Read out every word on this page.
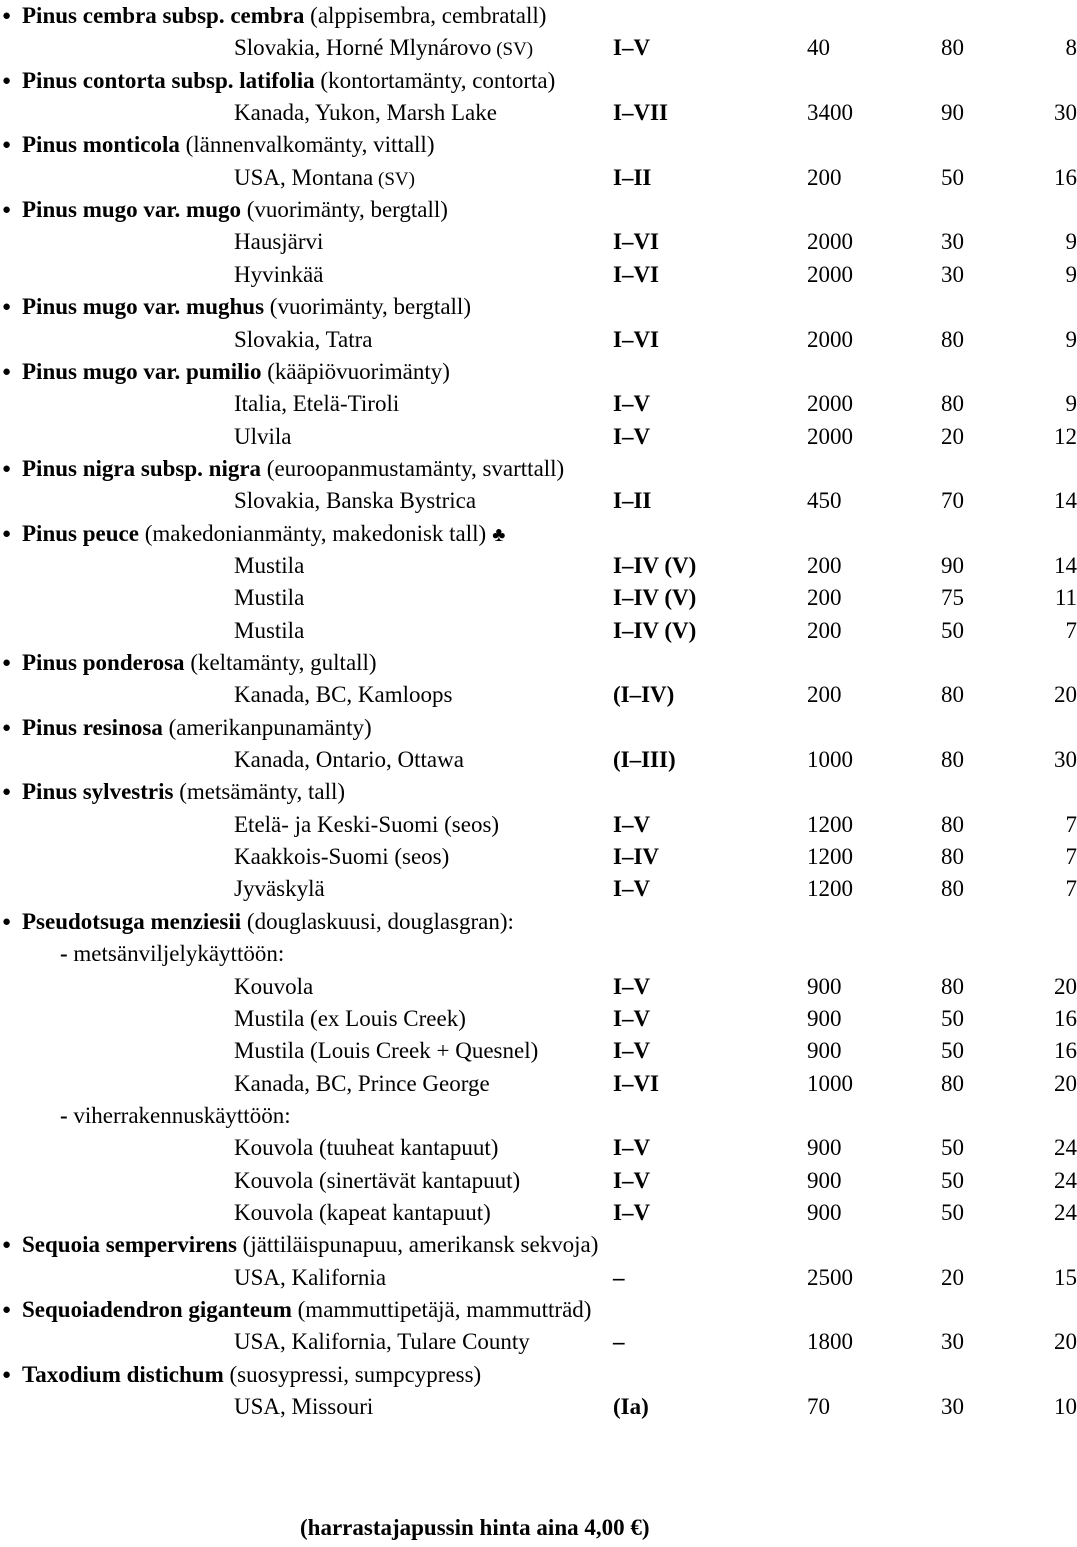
● Pinus cembra subsp. cembra (alppisembra, cembratall)
Slovakia, Horné Mlynárovo (SV)	I–V	40	80	8
● Pinus contorta subsp. latifolia (kontortamänty, contorta)
Kanada, Yukon, Marsh Lake	I–VII	3400	90	30
● Pinus monticola (lännenvalkomänty, vittall)
USA, Montana (SV)	I–II	200	50	16
● Pinus mugo var. mugo (vuorimänty, bergtall)
Hausjärvi	I–VI	2000	30	9
Hyvinkää	I–VI	2000	30	9
● Pinus mugo var. mughus (vuorimänty, bergtall)
Slovakia, Tatra	I–VI	2000	80	9
● Pinus mugo var. pumilio (kääpiövuorimänty)
Italia, Etelä-Tiroli	I–V	2000	80	9
Ulvila	I–V	2000	20	12
● Pinus nigra subsp. nigra (euroopanmustamänty, svarttall)
Slovakia, Banska Bystrica	I–II	450	70	14
● Pinus peuce (makedonianmänty, makedonisk tall) ♣
Mustila	I–IV (V)	200	90	14
Mustila	I–IV (V)	200	75	11
Mustila	I–IV (V)	200	50	7
● Pinus ponderosa (keltamänty, gultall)
Kanada, BC, Kamloops	(I–IV)	200	80	20
● Pinus resinosa (amerikanpunamänty)
Kanada, Ontario, Ottawa	(I–III)	1000	80	30
● Pinus sylvestris (metsämänty, tall)
Etelä- ja Keski-Suomi (seos)	I–V	1200	80	7
Kaakkois-Suomi (seos)	I–IV	1200	80	7
Jyväskylä	I–V	1200	80	7
● Pseudotsuga menziesii (douglaskuusi, douglasgran):
- metsänviljelykäyttöön:
Kouvola	I–V	900	80	20
Mustila (ex Louis Creek)	I–V	900	50	16
Mustila (Louis Creek + Quesnel)	I–V	900	50	16
Kanada, BC, Prince George	I–VI	1000	80	20
- viherrakennuskäyttöön:
Kouvola (tuuheat kantapuut)	I–V	900	50	24
Kouvola (sinertävät kantapuut)	I–V	900	50	24
Kouvola (kapeat kantapuut)	I–V	900	50	24
● Sequoia sempervirens (jättiläispunapuu, amerikansk sekvoja)
USA, Kalifornia	–	2500	20	15
● Sequoiadendron giganteum (mammuttipetäjä, mammutträd)
USA, Kalifornia, Tulare County	–	1800	30	20
● Taxodium distichum (suosypressi, sumpcypress)
USA, Missouri	(Ia)	70	30	10
(harrastajapussin hinta aina 4,00 €)
